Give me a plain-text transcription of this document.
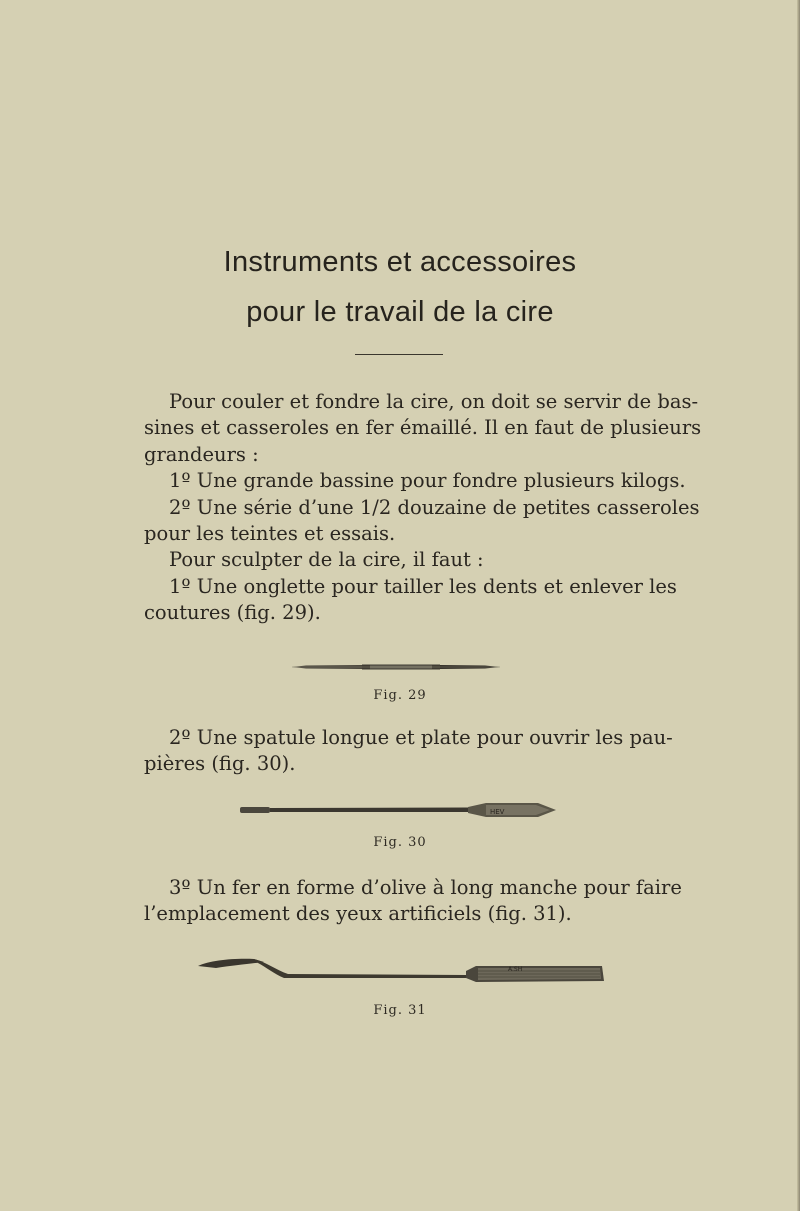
Instruments et accessoires
pour le travail de la cire
Pour couler et fondre la cire, on doit se servir de bas-
sines et casseroles en fer émaillé. Il en faut de plusieurs
grandeurs :
1º Une grande bassine pour fondre plusieurs kilogs.
2º Une série d’une 1/2 douzaine de petites casseroles
pour les teintes et essais.
Pour sculpter de la cire, il faut :
1º Une onglette pour tailler les dents et enlever les
coutures (fig. 29).
Fig. 29
2º Une spatule longue et plate pour ouvrir les pau-
pières (fig. 30).
HEV
Fig. 30
3º Un fer en forme d’olive à long manche pour faire
l’emplacement des yeux artificiels (fig. 31).
A.SH
Fig. 31
